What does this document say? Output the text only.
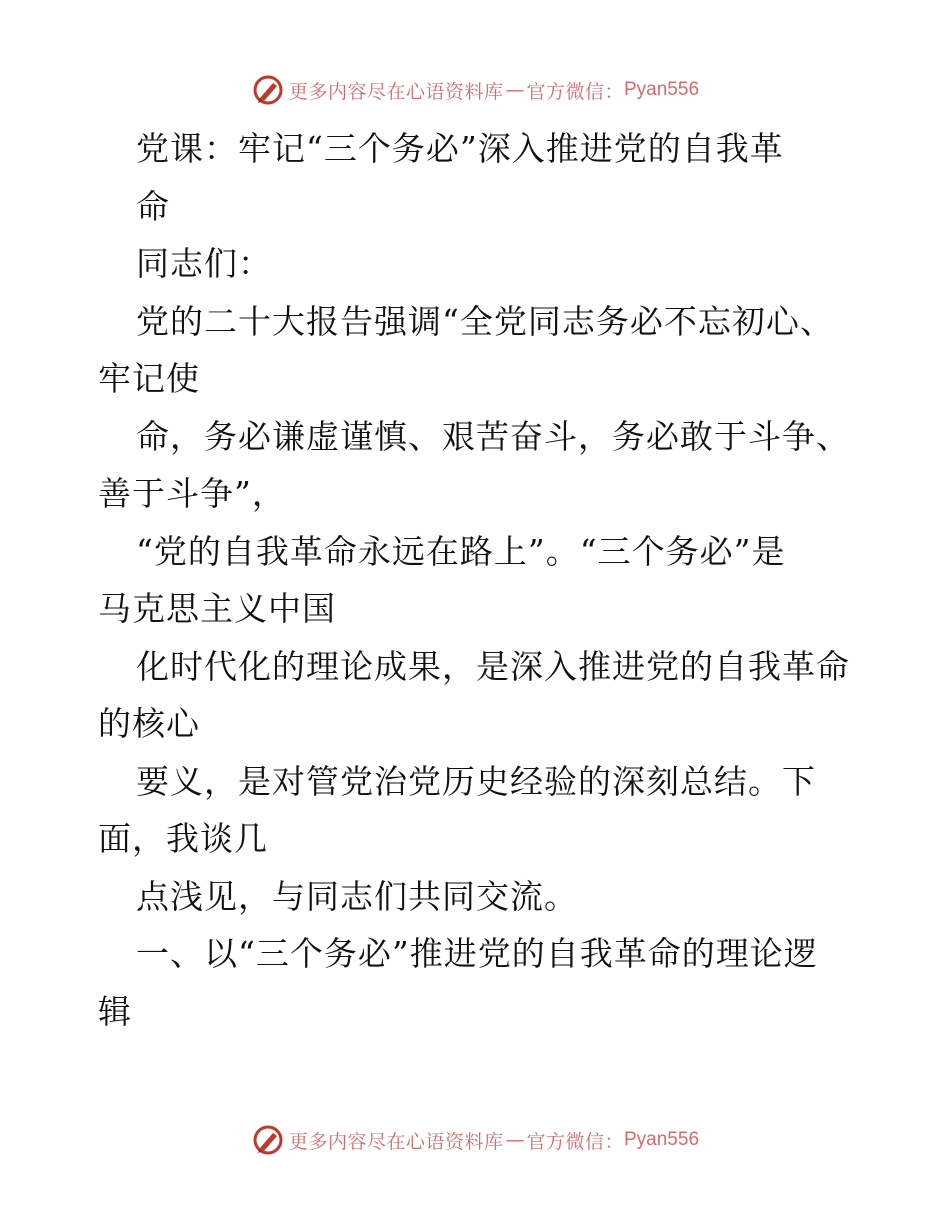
更多内容尽在心语资料库 — 官方微信： Pyan556
党课：牢记“三个务必”深入推进党的自我革
命
同志们：
党的二十大报告强调“全党同志务必不忘初心、
牢记使
命，务必谦虚谨慎、艰苦奋斗，务必敢于斗争、
善于斗争”，
“党的自我革命永远在路上”。“三个务必”是
马克思主义中国
化时代化的理论成果，是深入推进党的自我革命
的核心
要义，是对管党治党历史经验的深刻总结。下
面，我谈几
点浅见，与同志们共同交流。
一、以“三个务必”推进党的自我革命的理论逻
辑
更多内容尽在心语资料库 — 官方微信： Pyan556
